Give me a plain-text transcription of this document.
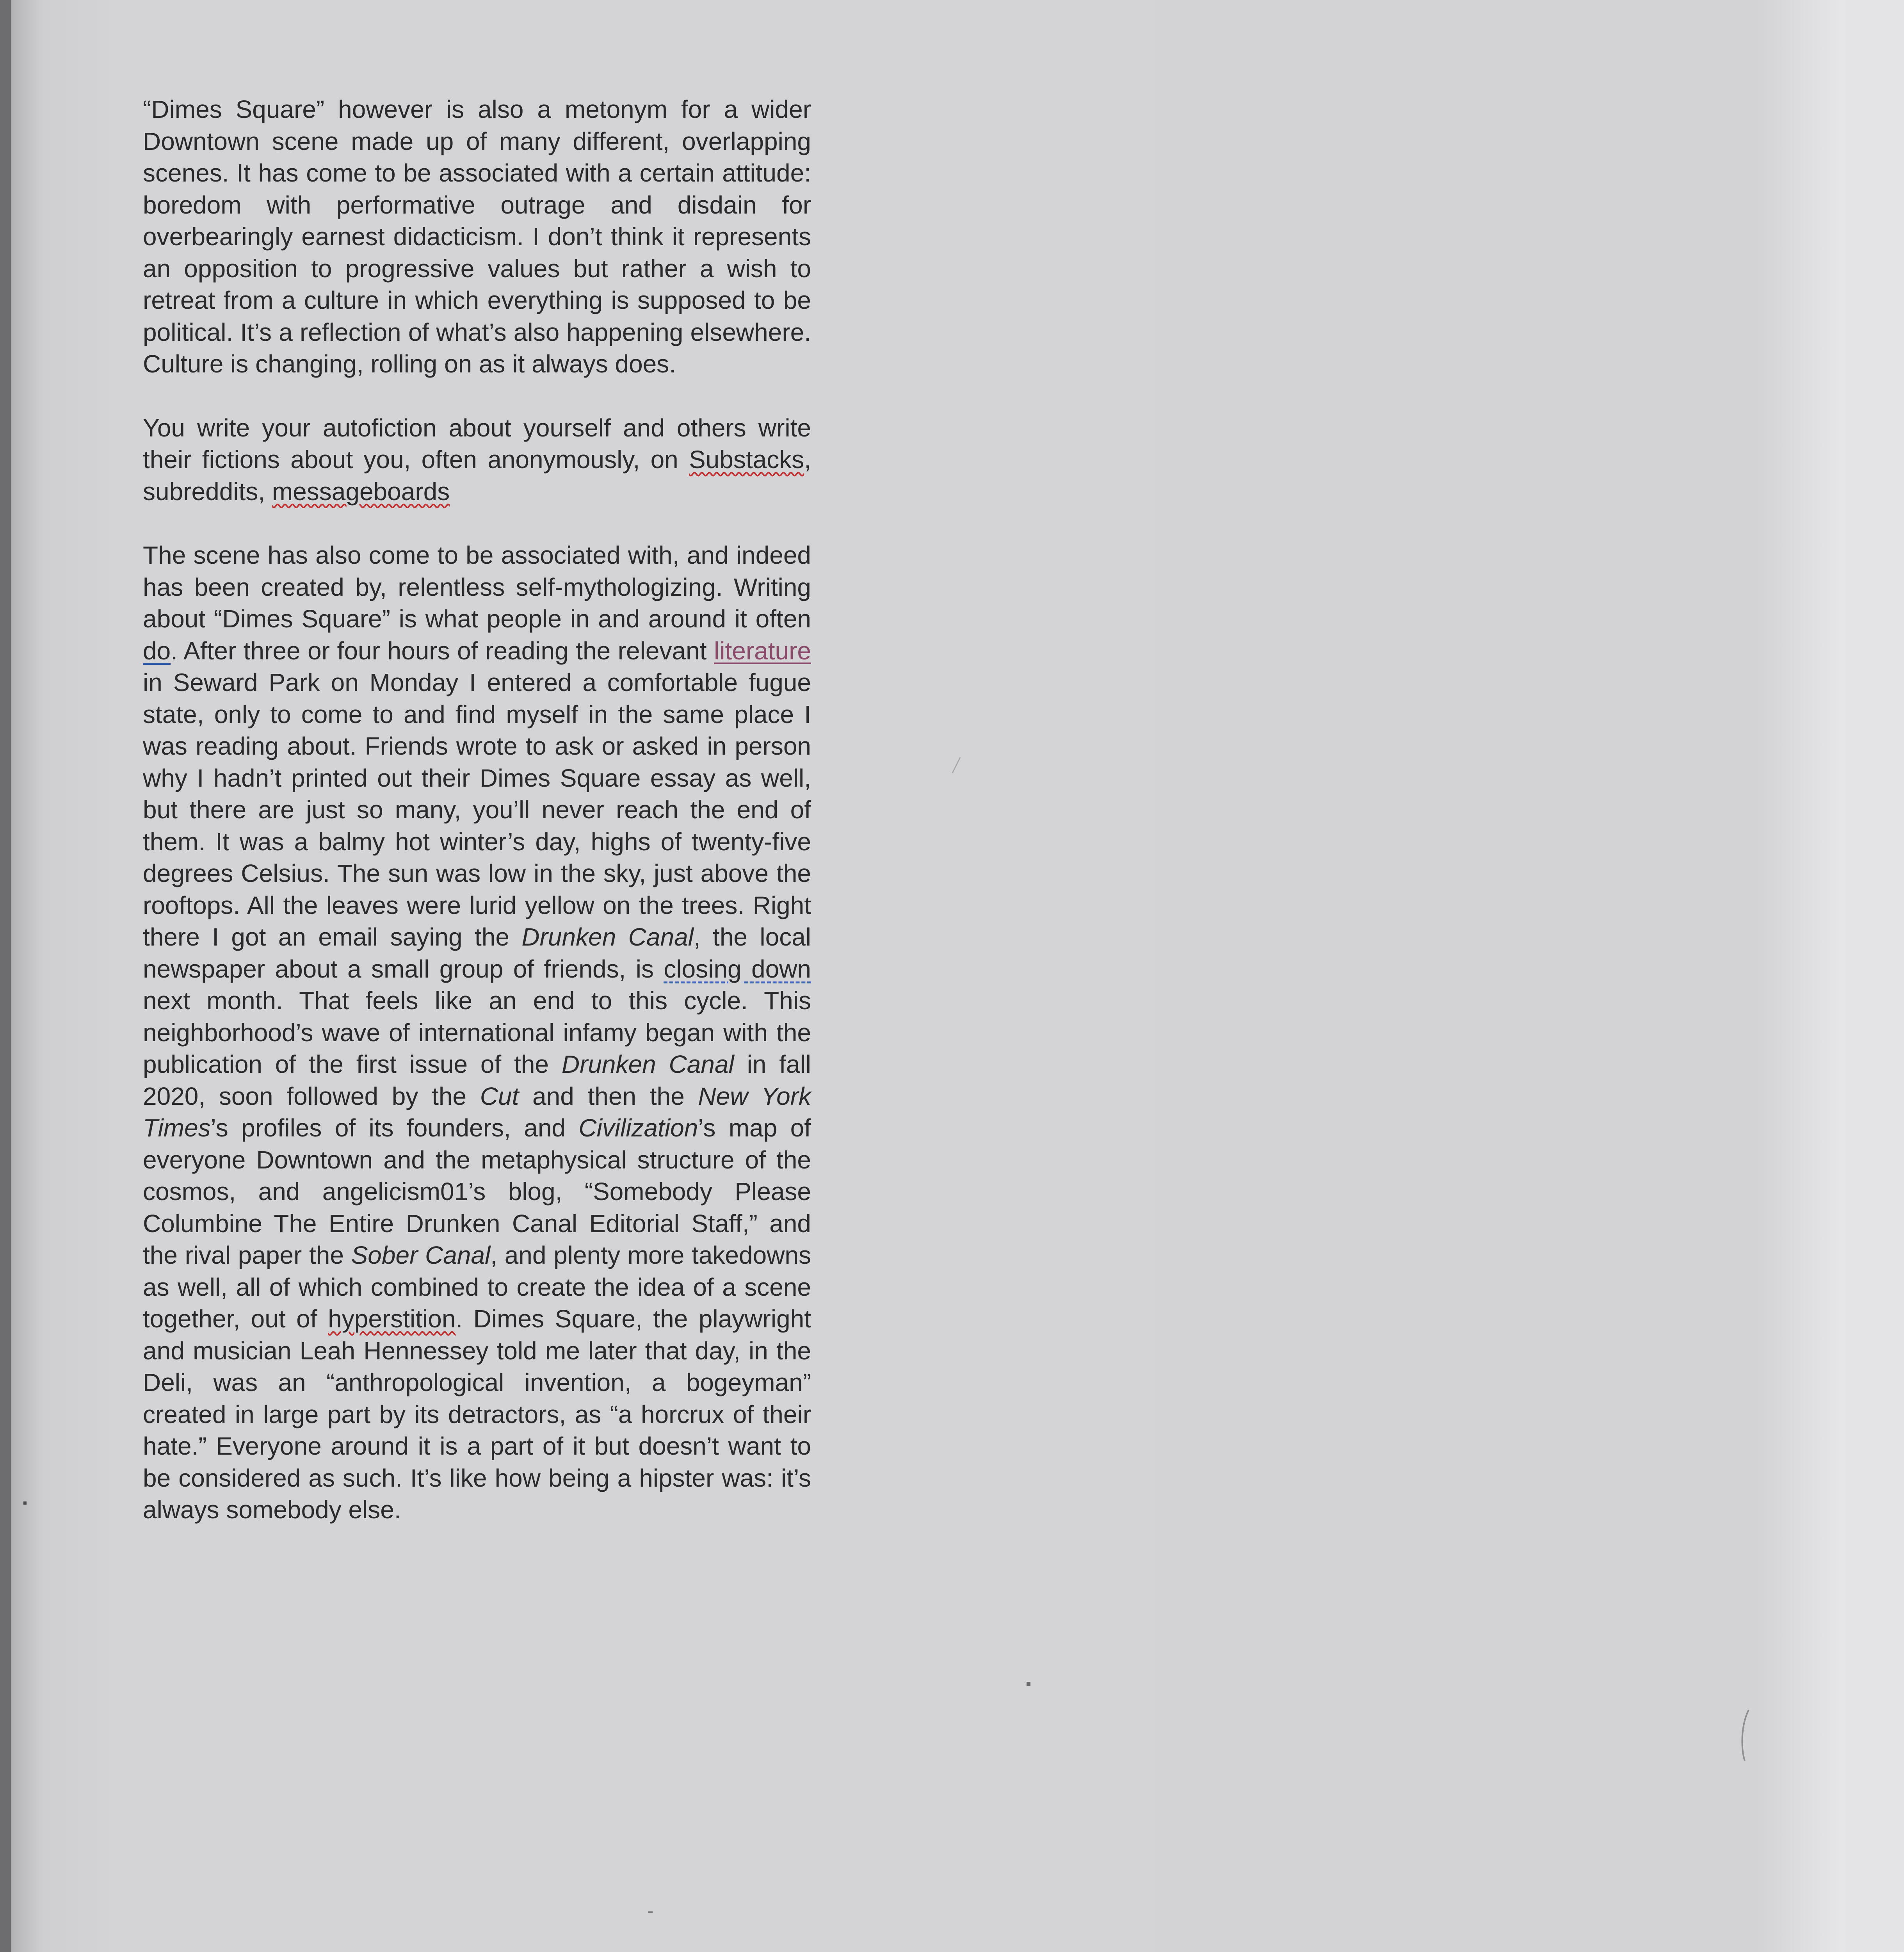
“Dimes Square” however is also a metonym for a wider Downtown scene made up of many different, overlapping scenes. It has come to be associated with a certain attitude: boredom with performative outrage and disdain for overbearingly earnest didacticism. I don’t think it represents an opposition to progressive values but rather a wish to retreat from a culture in which everything is supposed to be political. It’s a reflection of what’s also happening elsewhere. Culture is changing, rolling on as it always does.

You write your autofiction about yourself and others write their fictions about you, often anonymously, on Substacks, subreddits, messageboards

The scene has also come to be associated with, and indeed has been created by, relentless self-mythologizing. Writing about “Dimes Square” is what people in and around it often do. After three or four hours of reading the relevant literature in Seward Park on Monday I entered a comfortable fugue state, only to come to and find myself in the same place I was reading about. Friends wrote to ask or asked in person why I hadn’t printed out their Dimes Square essay as well, but there are just so many, you’ll never reach the end of them. It was a balmy hot winter’s day, highs of twenty-five degrees Celsius. The sun was low in the sky, just above the rooftops. All the leaves were lurid yellow on the trees. Right there I got an email saying the Drunken Canal, the local newspaper about a small group of friends, is closing down next month. That feels like an end to this cycle. This neighborhood’s wave of international infamy began with the publication of the first issue of the Drunken Canal in fall 2020, soon followed by the Cut and then the New York Times’s profiles of its founders, and Civilization’s map of everyone Downtown and the metaphysical structure of the cosmos, and angelicism01’s blog, “Somebody Please Columbine The Entire Drunken Canal Editorial Staff,” and the rival paper the Sober Canal, and plenty more takedowns as well, all of which combined to create the idea of a scene together, out of hyperstition. Dimes Square, the playwright and musician Leah Hennessey told me later that day, in the Deli, was an “anthropological invention, a bogeyman” created in large part by its detractors, as “a horcrux of their hate.” Everyone around it is a part of it but doesn’t want to be considered as such. It’s like how being a hipster was: it’s always somebody else.
